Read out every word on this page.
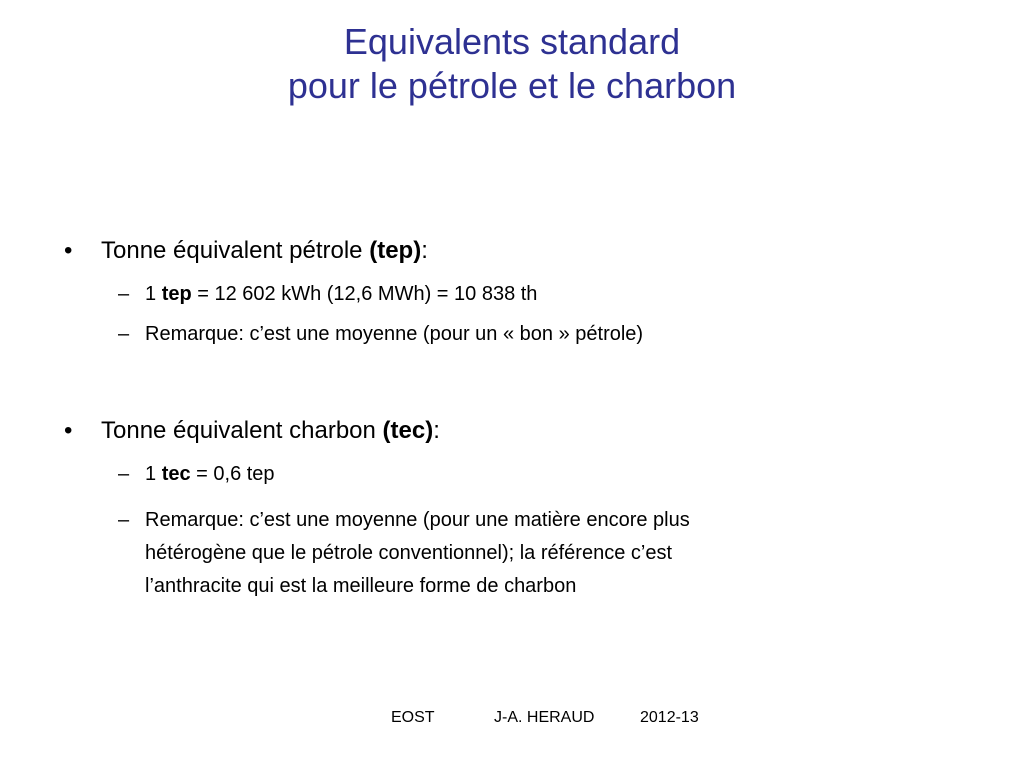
Equivalents standard
pour le pétrole et le charbon
• Tonne équivalent pétrole (tep):
– 1 tep = 12 602 kWh (12,6 MWh) = 10 838 th
– Remarque: c’est une moyenne (pour un « bon » pétrole)
• Tonne équivalent charbon (tec):
– 1 tec = 0,6 tep
– Remarque: c’est une moyenne (pour une matière encore plus
hétérogène que le pétrole conventionnel); la référence c’est
l’anthracite qui est la meilleure forme de charbon
EOST	J-A. HERAUD	2012-13
